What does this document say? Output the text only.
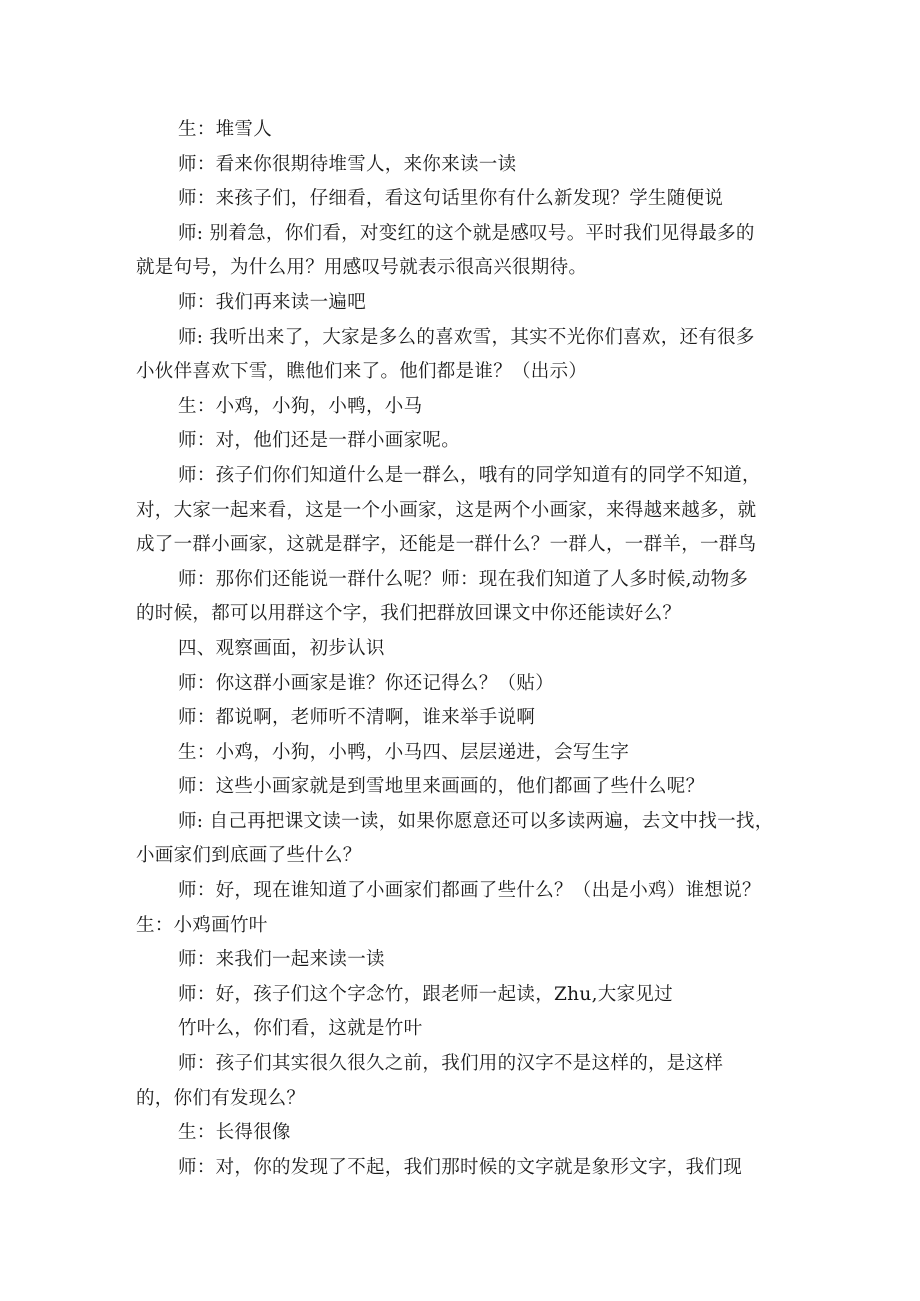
生：堆雪人
师：看来你很期待堆雪人，来你来读一读
师：来孩子们，仔细看，看这句话里你有什么新发现？学生随便说
师: 别着急，你们看，对变红的这个就是感叹号。平时我们见得最多的
就是句号，为什么用？用感叹号就表示很高兴很期待。
师：我们再来读一遍吧
师: 我听出来了，大家是多么的喜欢雪，其实不光你们喜欢，还有很多
小伙伴喜欢下雪，瞧他们来了。他们都是谁？（出示）
生：小鸡，小狗，小鸭，小马
师：对，他们还是一群小画家呢。
师：孩子们你们知道什么是一群么，哦有的同学知道有的同学不知道，
对，大家一起来看，这是一个小画家，这是两个小画家，来得越来越多，就
成了一群小画家，这就是群字，还能是一群什么？一群人，一群羊，一群鸟
师：那你们还能说一群什么呢？师：现在我们知道了人多时候,动物多
的时候，都可以用群这个字，我们把群放回课文中你还能读好么？
四、观察画面，初步认识
师：你这群小画家是谁？你还记得么？（贴）
师：都说啊，老师听不清啊，谁来举手说啊
生：小鸡，小狗，小鸭，小马四、层层递进，会写生字
师：这些小画家就是到雪地里来画画的，他们都画了些什么呢？
师: 自己再把课文读一读，如果你愿意还可以多读两遍，去文中找一找，
小画家们到底画了些什么？
师：好，现在谁知道了小画家们都画了些什么？（出是小鸡）谁想说？
生：小鸡画竹叶
师：来我们一起来读一读
师：好，孩子们这个字念竹，跟老师一起读，Zhu,大家见过
竹叶么，你们看，这就是竹叶
师：孩子们其实很久很久之前，我们用的汉字不是这样的，是这样
的，你们有发现么？
生：长得很像
师：对，你的发现了不起，我们那时候的文字就是象形文字，我们现
